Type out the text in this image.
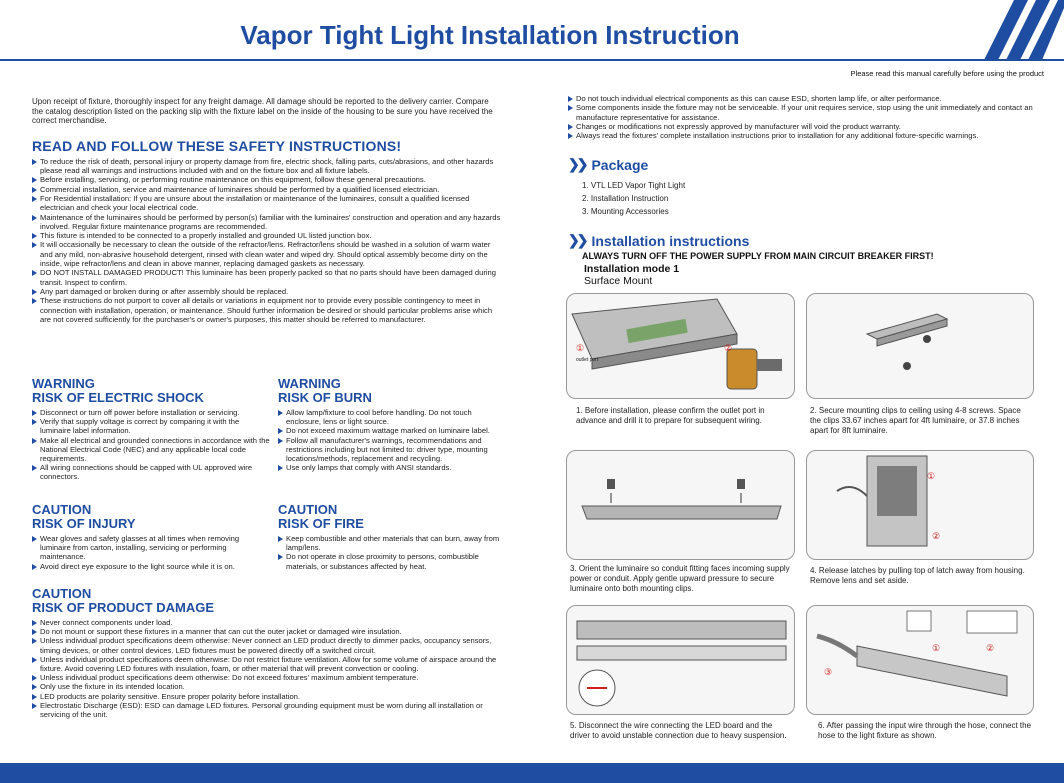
Vapor Tight Light Installation Instruction
Please read this manual carefully before using the product

Upon receipt of fixture, thoroughly inspect for any freight damage. All damage should be reported to the delivery carrier. Compare the catalog description listed on the packing slip with the fixture label on the inside of the housing to be sure you have received the correct merchandise.

READ AND FOLLOW THESE SAFETY INSTRUCTIONS!
To reduce the risk of death, personal injury or property damage from fire, electric shock, falling parts, cuts/abrasions, and other hazards please read all warnings and instructions included with and on the fixture box and all fixture labels.
Before installing, servicing, or performing routine maintenance on this equipment, follow these general precautions.
Commercial installation, service and maintenance of luminaires should be performed by a qualified licensed electrician.
For Residential installation: If you are unsure about the installation or maintenance of the luminaires, consult a qualified licensed electrician and check your local electrical code.
Maintenance of the luminaires should be performed by person(s) familiar with the luminaires' construction and operation and any hazards involved. Regular fixture maintenance programs are recommended.
This fixture is intended to be connected to a properly installed and grounded UL listed junction box.
It will occasionally be necessary to clean the outside of the refractor/lens. Refractor/lens should be washed in a solution of warm water and any mild, non-abrasive household detergent, rinsed with clean water and wiped dry. Should optical assembly become dirty on the inside, wipe refractor/lens and clean in above manner, replacing damaged gaskets as necessary.
DO NOT INSTALL DAMAGED PRODUCT! This luminaire has been properly packed so that no parts should have been damaged during transit. Inspect to confirm.
Any part damaged or broken during or after assembly should be replaced.
These instructions do not purport to cover all details or variations in equipment nor to provide every possible contingency to meet in connection with installation, operation, or maintenance. Should further information be desired or should particular problems arise which are not covered sufficiently for the purchaser's or owner's purposes, this matter should be referred to manufacturer.
WARNING
RISK OF ELECTRIC SHOCK
Disconnect or turn off power before installation or servicing.
Verify that supply voltage is correct by comparing it with the luminaire label information.
Make all electrical and grounded connections in accordance with the National Electrical Code (NEC) and any applicable local code requirements.
All wiring connections should be capped with UL approved wire connectors.
WARNING
RISK OF BURN
Allow lamp/fixture to cool before handling. Do not touch enclosure, lens or light source.
Do not exceed maximum wattage marked on luminaire label.
Follow all manufacturer's warnings, recommendations and restrictions including but not limited to: driver type, mounting locations/methods, replacement and recycling.
Use only lamps that comply with ANSI standards.
CAUTION
RISK OF INJURY
Wear gloves and safety glasses at all times when removing luminaire from carton, installing, servicing or performing maintenance.
Avoid direct eye exposure to the light source while it is on.
CAUTION
RISK OF FIRE
Keep combustible and other materials that can burn, away from lamp/lens.
Do not operate in close proximity to persons, combustible materials, or substances affected by heat.
CAUTION
RISK OF PRODUCT DAMAGE
Never connect components under load.
Do not mount or support these fixtures in a manner that can cut the outer jacket or damaged wire insulation.
Unless individual product specifications deem otherwise: Never connect an LED product directly to dimmer packs, occupancy sensors, timing devices, or other control devices. LED fixtures must be powered directly off a switched circuit.
Unless individual product specifications deem otherwise: Do not restrict fixture ventilation. Allow for some volume of airspace around the fixture. Avoid covering LED fixtures with insulation, foam, or other material that will prevent convection or cooling.
Unless individual product specifications deem otherwise: Do not exceed fixtures' maximum ambient temperature.
Only use the fixture in its intended location.
LED products are polarity sensitive. Ensure proper polarity before installation.
Electrostatic Discharge (ESD): ESD can damage LED fixtures. Personal grounding equipment must be worn during all installation or servicing of the unit.
Do not touch individual electrical components as this can cause ESD, shorten lamp life, or alter performance.
Some components inside the fixture may not be serviceable. If your unit requires service, stop using the unit immediately and contact an manufacture representative for assistance.
Changes or modifications not expressly approved by manufacturer will void the product warranty.
Always read the fixtures' complete installation instructions prior to installation for any additional fixture-specific warnings.
❯❯ Package
1. VTL LED Vapor Tight Light
2. Installation Instruction
3. Mounting Accessories
❯❯ Installation instructions
ALWAYS TURN OFF THE POWER SUPPLY FROM MAIN CIRCUIT BREAKER FIRST!
Installation mode 1
Surface Mount
①
outlet port
②
1. Before installation, please confirm the outlet port in advance and drill it to prepare for subsequent wiring.
2. Secure mounting clips to ceiling using 4-8 screws. Space the clips 33.67 inches apart for 4ft luminaire, or 37.8 inches apart for 8ft luminaire.
①
②
3. Orient the luminaire so conduit fitting faces incoming supply power or conduit. Apply gentle upward pressure to secure luminaire onto both mounting clips.
4. Release latches by pulling top of latch away from housing. Remove lens and set aside.
①	②
③
5. Disconnect the wire connecting the LED board and the driver to avoid unstable connection due to heavy suspension.
6. After passing the input wire through the hose, connect the hose to the light fixture as shown.
